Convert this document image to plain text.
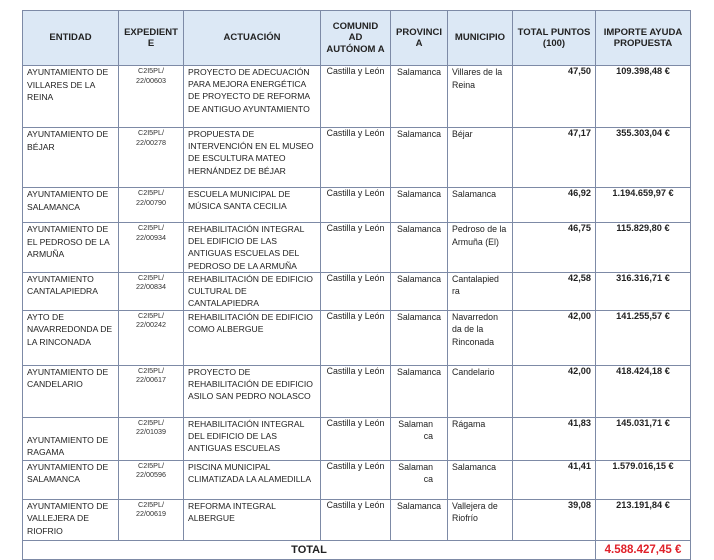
ENTIDAD	EXPEDIENT E	ACTUACIÓN	COMUNID AD AUTÓNOM A	PROVINCI A	MUNICIPIO	TOTAL PUNTOS (100)	IMPORTE AYUDA PROPUESTA
AYUNTAMIENTO DE VILLARES DE LA REINA	C2I5PL/ 22/00603	PROYECTO DE ADECUACIÓN PARA MEJORA ENERGÉTICA DE PROYECTO DE REFORMA DE ANTIGUO AYUNTAMIENTO	Castilla y León	Salamanca	Villares de la Reina	47,50	109.398,48 €
AYUNTAMIENTO DE BÉJAR	C2I5PL/ 22/00278	PROPUESTA DE INTERVENCIÓN EN EL MUSEO DE ESCULTURA MATEO HERNÁNDEZ DE BÉJAR	Castilla y León	Salamanca	Béjar	47,17	355.303,04 €
AYUNTAMIENTO DE SALAMANCA	C2I5PL/ 22/00790	ESCUELA MUNICIPAL DE MÚSICA SANTA CECILIA	Castilla y León	Salamanca	Salamanca	46,92	1.194.659,97 €
AYUNTAMIENTO DE EL PEDROSO DE LA ARMUÑA	C2I5PL/ 22/00934	REHABILITACIÓN INTEGRAL DEL EDIFICIO DE LAS ANTIGUAS ESCUELAS DEL PEDROSO DE LA ARMUÑA	Castilla y León	Salamanca	Pedroso de la Armuña (El)	46,75	115.829,80 €
AYUNTAMIENTO CANTALAPIEDRA	C2I5PL/ 22/00834	REHABILITACIÓN DE EDIFICIO CULTURAL DE CANTALAPIEDRA	Castilla y León	Salamanca	Cantalapied ra	42,58	316.316,71 €
AYTO DE NAVARREDONDA DE LA RINCONADA	C2I5PL/ 22/00242	REHABILITACIÓN DE EDIFICIO COMO ALBERGUE	Castilla y León	Salamanca	Navarredon da de la Rinconada	42,00	141.255,57 €
AYUNTAMIENTO DE CANDELARIO	C2I5PL/ 22/00617	PROYECTO DE REHABILITACIÓN DE EDIFICIO ASILO SAN PEDRO NOLASCO	Castilla y León	Salamanca	Candelario	42,00	418.424,18 €
AYUNTAMIENTO DE RAGAMA	C2I5PL/ 22/01039	REHABILITACIÓN INTEGRAL DEL EDIFICIO DE LAS ANTIGUAS ESCUELAS	Castilla y León	Salaman ca	Rágama	41,83	145.031,71 €
AYUNTAMIENTO DE SALAMANCA	C2I5PL/ 22/00596	PISCINA MUNICIPAL CLIMATIZADA LA ALAMEDILLA	Castilla y León	Salaman ca	Salamanca	41,41	1.579.016,15 €
AYUNTAMIENTO DE VALLEJERA DE RIOFRIO	C2I5PL/ 22/00619	REFORMA INTEGRAL ALBERGUE	Castilla y León	Salamanca	Vallejera de Riofrío	39,08	213.191,84 €
TOTAL							4.588.427,45 €
